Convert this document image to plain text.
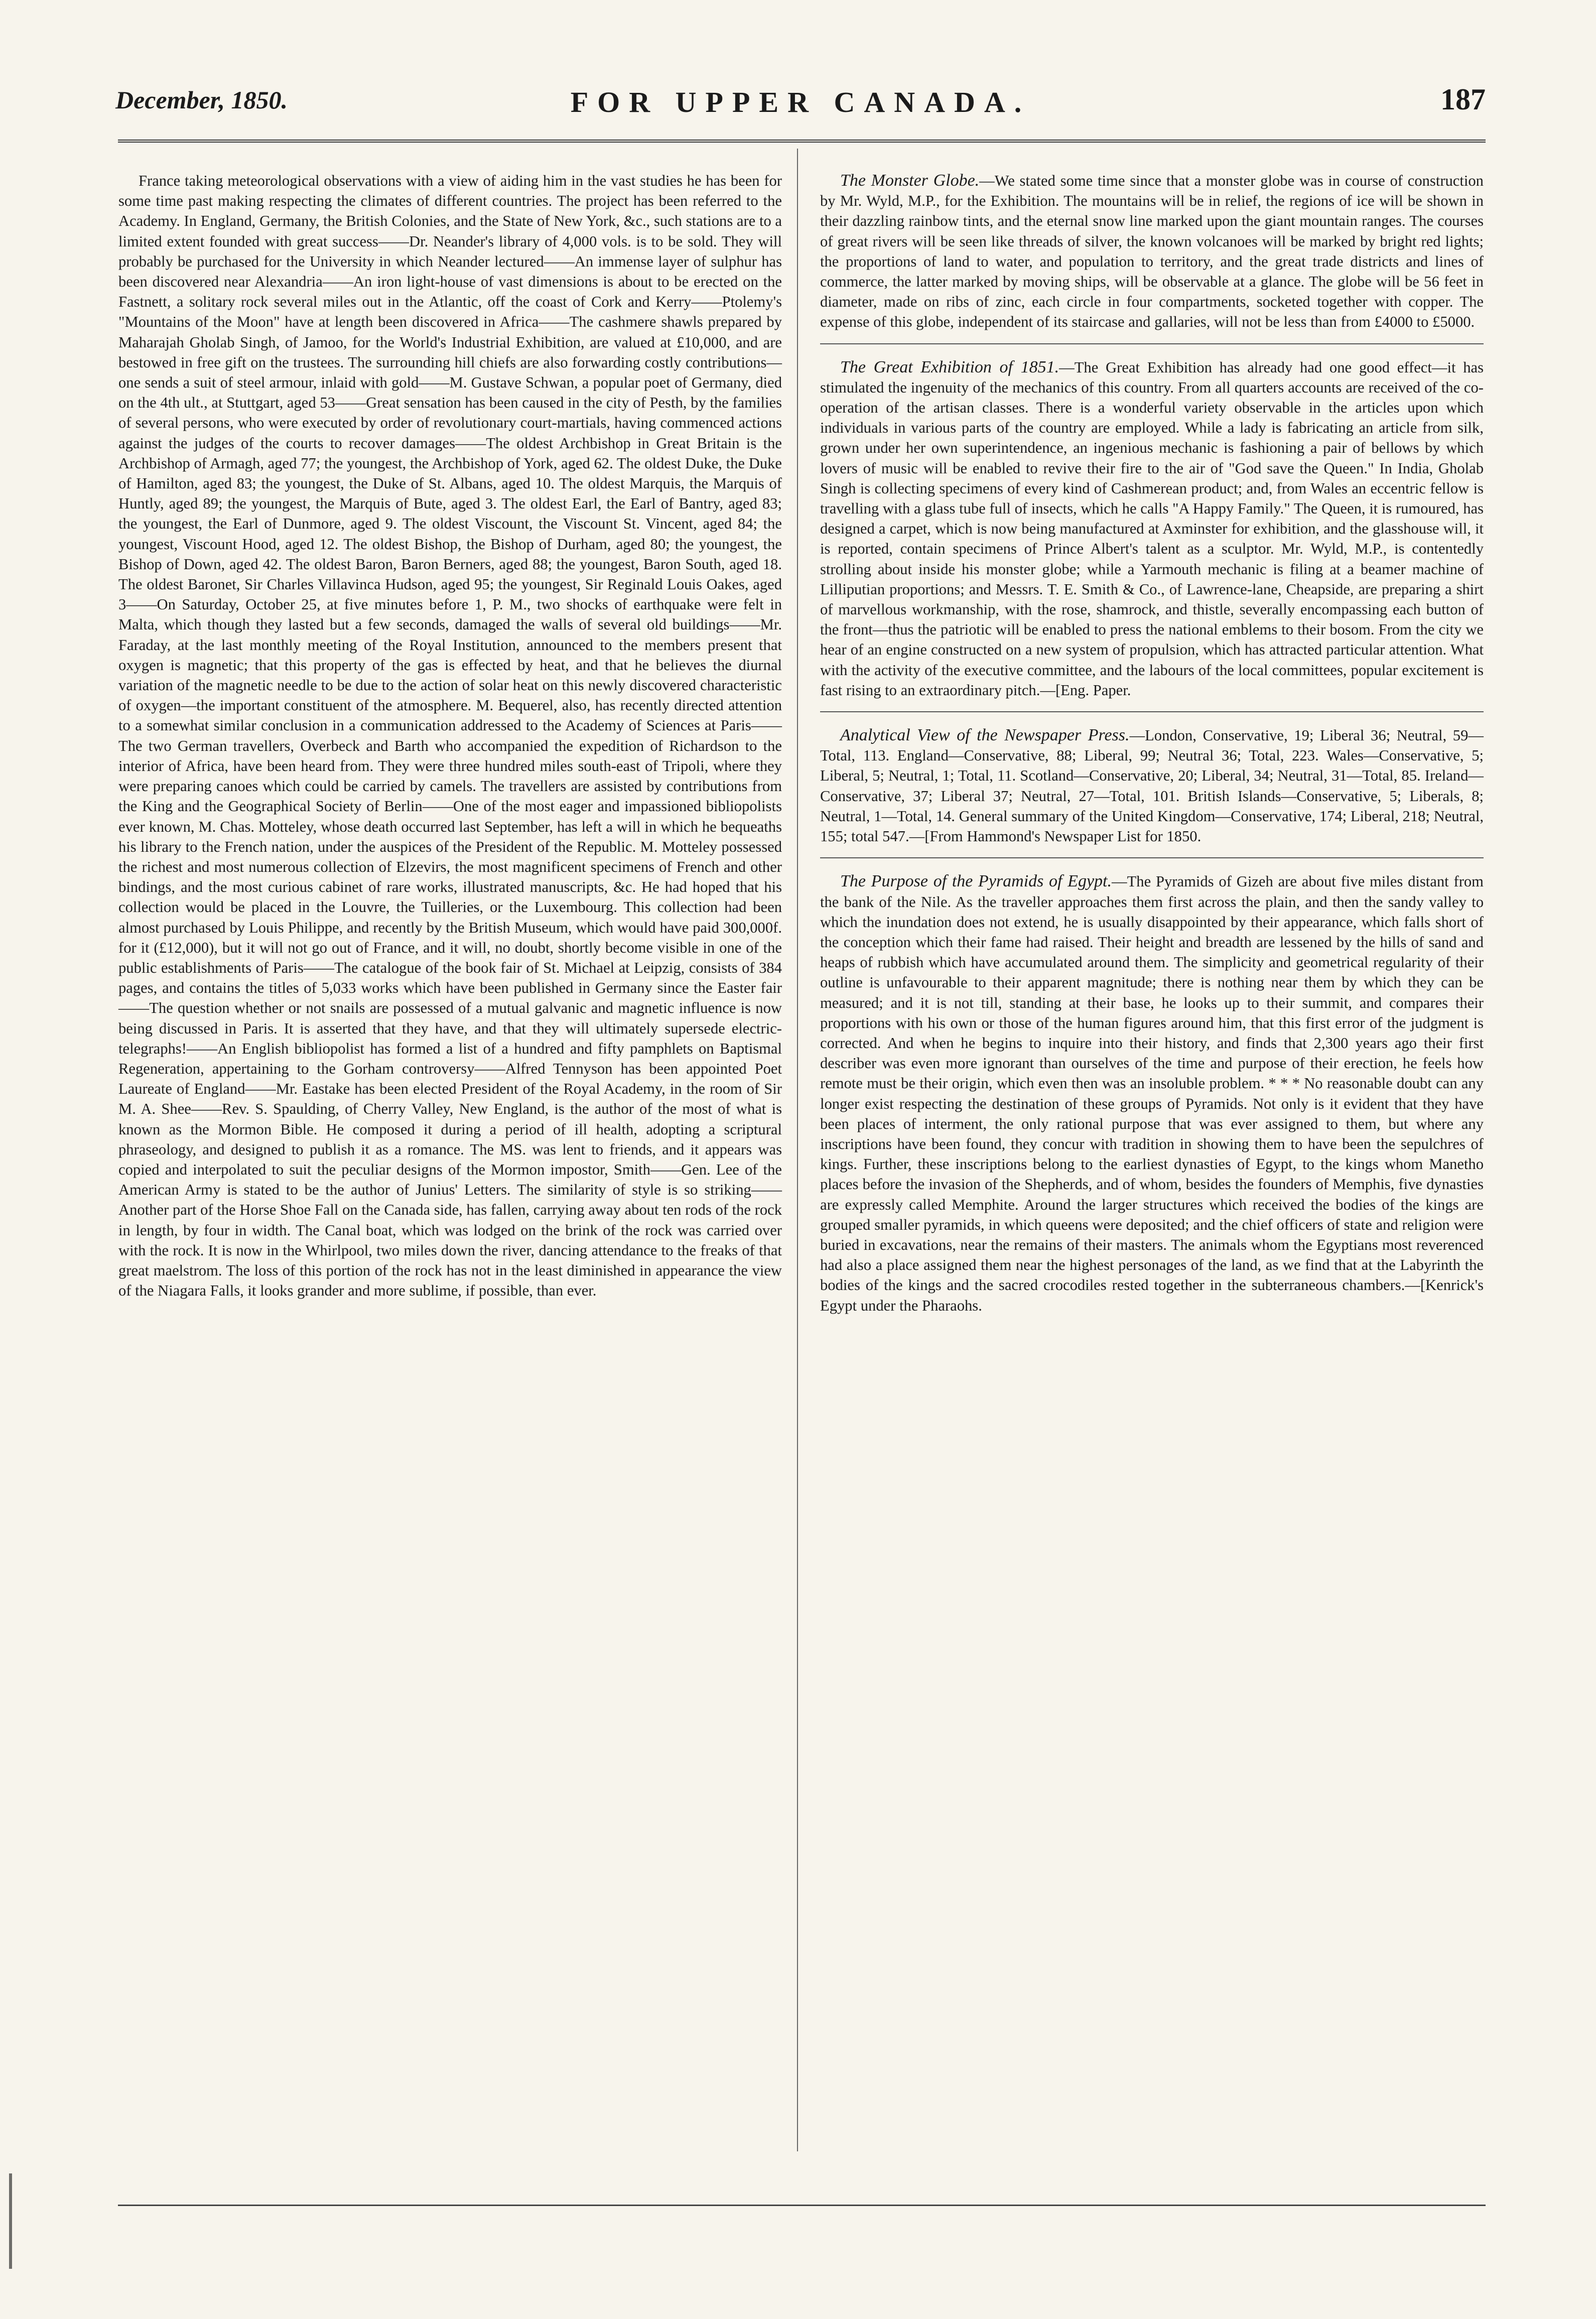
December, 1850.	FOR UPPER CANADA.	187

France taking meteorological observations with a view of aiding him in the vast studies he has been for some time past making respecting the climates of different countries. The project has been referred to the Academy. In England, Germany, the British Colonies, and the State of New York, &c., such stations are to a limited extent founded with great success——Dr. Neander's library of 4,000 vols. is to be sold. They will probably be purchased for the University in which Neander lectured——An immense layer of sulphur has been discovered near Alexandria——An iron light-house of vast dimensions is about to be erected on the Fastnett, a solitary rock several miles out in the Atlantic, off the coast of Cork and Kerry——Ptolemy's "Mountains of the Moon" have at length been discovered in Africa——The cashmere shawls prepared by Maharajah Gholab Singh, of Jamoo, for the World's Industrial Exhibition, are valued at £10,000, and are bestowed in free gift on the trustees. The surrounding hill chiefs are also forwarding costly contributions—one sends a suit of steel armour, inlaid with gold——M. Gustave Schwan, a popular poet of Germany, died on the 4th ult., at Stuttgart, aged 53——Great sensation has been caused in the city of Pesth, by the families of several persons, who were executed by order of revolutionary court-martials, having commenced actions against the judges of the courts to recover damages——The oldest Archbishop in Great Britain is the Archbishop of Armagh, aged 77; the youngest, the Archbishop of York, aged 62. The oldest Duke, the Duke of Hamilton, aged 83; the youngest, the Duke of St. Albans, aged 10. The oldest Marquis, the Marquis of Huntly, aged 89; the youngest, the Marquis of Bute, aged 3. The oldest Earl, the Earl of Bantry, aged 83; the youngest, the Earl of Dunmore, aged 9. The oldest Viscount, the Viscount St. Vincent, aged 84; the youngest, Viscount Hood, aged 12. The oldest Bishop, the Bishop of Durham, aged 80; the youngest, the Bishop of Down, aged 42. The oldest Baron, Baron Berners, aged 88; the youngest, Baron South, aged 18. The oldest Baronet, Sir Charles Villavinca Hudson, aged 95; the youngest, Sir Reginald Louis Oakes, aged 3——On Saturday, October 25, at five minutes before 1, P. M., two shocks of earthquake were felt in Malta, which though they lasted but a few seconds, damaged the walls of several old buildings——Mr. Faraday, at the last monthly meeting of the Royal Institution, announced to the members present that oxygen is magnetic; that this property of the gas is effected by heat, and that he believes the diurnal variation of the magnetic needle to be due to the action of solar heat on this newly discovered characteristic of oxygen—the important constituent of the atmosphere. M. Bequerel, also, has recently directed attention to a somewhat similar conclusion in a communication addressed to the Academy of Sciences at Paris——The two German travellers, Overbeck and Barth who accompanied the expedition of Richardson to the interior of Africa, have been heard from. They were three hundred miles south-east of Tripoli, where they were preparing canoes which could be carried by camels. The travellers are assisted by contributions from the King and the Geographical Society of Berlin——One of the most eager and impassioned bibliopolists ever known, M. Chas. Motteley, whose death occurred last September, has left a will in which he bequeaths his library to the French nation, under the auspices of the President of the Republic. M. Motteley possessed the richest and most numerous collection of Elzevirs, the most magnificent specimens of French and other bindings, and the most curious cabinet of rare works, illustrated manuscripts, &c. He had hoped that his collection would be placed in the Louvre, the Tuilleries, or the Luxembourg. This collection had been almost purchased by Louis Philippe, and recently by the British Museum, which would have paid 300,000f. for it (£12,000), but it will not go out of France, and it will, no doubt, shortly become visible in one of the public establishments of Paris——The catalogue of the book fair of St. Michael at Leipzig, consists of 384 pages, and contains the titles of 5,033 works which have been published in Germany since the Easter fair——The question whether or not snails are possessed of a mutual galvanic and magnetic influence is now being discussed in Paris. It is asserted that they have, and that they will ultimately supersede electric-telegraphs!——An English bibliopolist has formed a list of a hundred and fifty pamphlets on Baptismal Regeneration, appertaining to the Gorham controversy——Alfred Tennyson has been appointed Poet Laureate of England——Mr. Eastake has been elected President of the Royal Academy, in the room of Sir M. A. Shee——Rev. S. Spaulding, of Cherry Valley, New England, is the author of the most of what is known as the Mormon Bible. He composed it during a period of ill health, adopting a scriptural phraseology, and designed to publish it as a romance. The MS. was lent to friends, and it appears was copied and interpolated to suit the peculiar designs of the Mormon impostor, Smith——Gen. Lee of the American Army is stated to be the author of Junius' Letters. The similarity of style is so striking——Another part of the Horse Shoe Fall on the Canada side, has fallen, carrying away about ten rods of the rock in length, by four in width. The Canal boat, which was lodged on the brink of the rock was carried over with the rock. It is now in the Whirlpool, two miles down the river, dancing attendance to the freaks of that great maelstrom. The loss of this portion of the rock has not in the least diminished in appearance the view of the Niagara Falls, it looks grander and more sublime, if possible, than ever.

The Monster Globe.—We stated some time since that a monster globe was in course of construction by Mr. Wyld, M.P., for the Exhibition. The mountains will be in relief, the regions of ice will be shown in their dazzling rainbow tints, and the eternal snow line marked upon the giant mountain ranges. The courses of great rivers will be seen like threads of silver, the known volcanoes will be marked by bright red lights; the proportions of land to water, and population to territory, and the great trade districts and lines of commerce, the latter marked by moving ships, will be observable at a glance. The globe will be 56 feet in diameter, made on ribs of zinc, each circle in four compartments, socketed together with copper. The expense of this globe, independent of its staircase and gallaries, will not be less than from £4000 to £5000.

The Great Exhibition of 1851.—The Great Exhibition has already had one good effect—it has stimulated the ingenuity of the mechanics of this country. From all quarters accounts are received of the co-operation of the artisan classes. There is a wonderful variety observable in the articles upon which individuals in various parts of the country are employed. While a lady is fabricating an article from silk, grown under her own superintendence, an ingenious mechanic is fashioning a pair of bellows by which lovers of music will be enabled to revive their fire to the air of "God save the Queen." In India, Gholab Singh is collecting specimens of every kind of Cashmerean product; and, from Wales an eccentric fellow is travelling with a glass tube full of insects, which he calls "A Happy Family." The Queen, it is rumoured, has designed a carpet, which is now being manufactured at Axminster for exhibition, and the glasshouse will, it is reported, contain specimens of Prince Albert's talent as a sculptor. Mr. Wyld, M.P., is contentedly strolling about inside his monster globe; while a Yarmouth mechanic is filing at a beamer machine of Lilliputian proportions; and Messrs. T. E. Smith & Co., of Lawrence-lane, Cheapside, are preparing a shirt of marvellous workmanship, with the rose, shamrock, and thistle, severally encompassing each button of the front—thus the patriotic will be enabled to press the national emblems to their bosom. From the city we hear of an engine constructed on a new system of propulsion, which has attracted particular attention. What with the activity of the executive committee, and the labours of the local committees, popular excitement is fast rising to an extraordinary pitch.—[Eng. Paper.

Analytical View of the Newspaper Press.—London, Conservative, 19; Liberal 36; Neutral, 59—Total, 113. England—Conservative, 88; Liberal, 99; Neutral 36; Total, 223. Wales—Conservative, 5; Liberal, 5; Neutral, 1; Total, 11. Scotland—Conservative, 20; Liberal, 34; Neutral, 31—Total, 85. Ireland—Conservative, 37; Liberal 37; Neutral, 27—Total, 101. British Islands—Conservative, 5; Liberals, 8; Neutral, 1—Total, 14. General summary of the United Kingdom—Conservative, 174; Liberal, 218; Neutral, 155; total 547.—[From Hammond's Newspaper List for 1850.

The Purpose of the Pyramids of Egypt.—The Pyramids of Gizeh are about five miles distant from the bank of the Nile. As the traveller approaches them first across the plain, and then the sandy valley to which the inundation does not extend, he is usually disappointed by their appearance, which falls short of the conception which their fame had raised. Their height and breadth are lessened by the hills of sand and heaps of rubbish which have accumulated around them. The simplicity and geometrical regularity of their outline is unfavourable to their apparent magnitude; there is nothing near them by which they can be measured; and it is not till, standing at their base, he looks up to their summit, and compares their proportions with his own or those of the human figures around him, that this first error of the judgment is corrected. And when he begins to inquire into their history, and finds that 2,300 years ago their first describer was even more ignorant than ourselves of the time and purpose of their erection, he feels how remote must be their origin, which even then was an insoluble problem. * * * No reasonable doubt can any longer exist respecting the destination of these groups of Pyramids. Not only is it evident that they have been places of interment, the only rational purpose that was ever assigned to them, but where any inscriptions have been found, they concur with tradition in showing them to have been the sepulchres of kings. Further, these inscriptions belong to the earliest dynasties of Egypt, to the kings whom Manetho places before the invasion of the Shepherds, and of whom, besides the founders of Memphis, five dynasties are expressly called Memphite. Around the larger structures which received the bodies of the kings are grouped smaller pyramids, in which queens were deposited; and the chief officers of state and religion were buried in excavations, near the remains of their masters. The animals whom the Egyptians most reverenced had also a place assigned them near the highest personages of the land, as we find that at the Labyrinth the bodies of the kings and the sacred crocodiles rested together in the subterraneous chambers.—[Kenrick's Egypt under the Pharaohs.
